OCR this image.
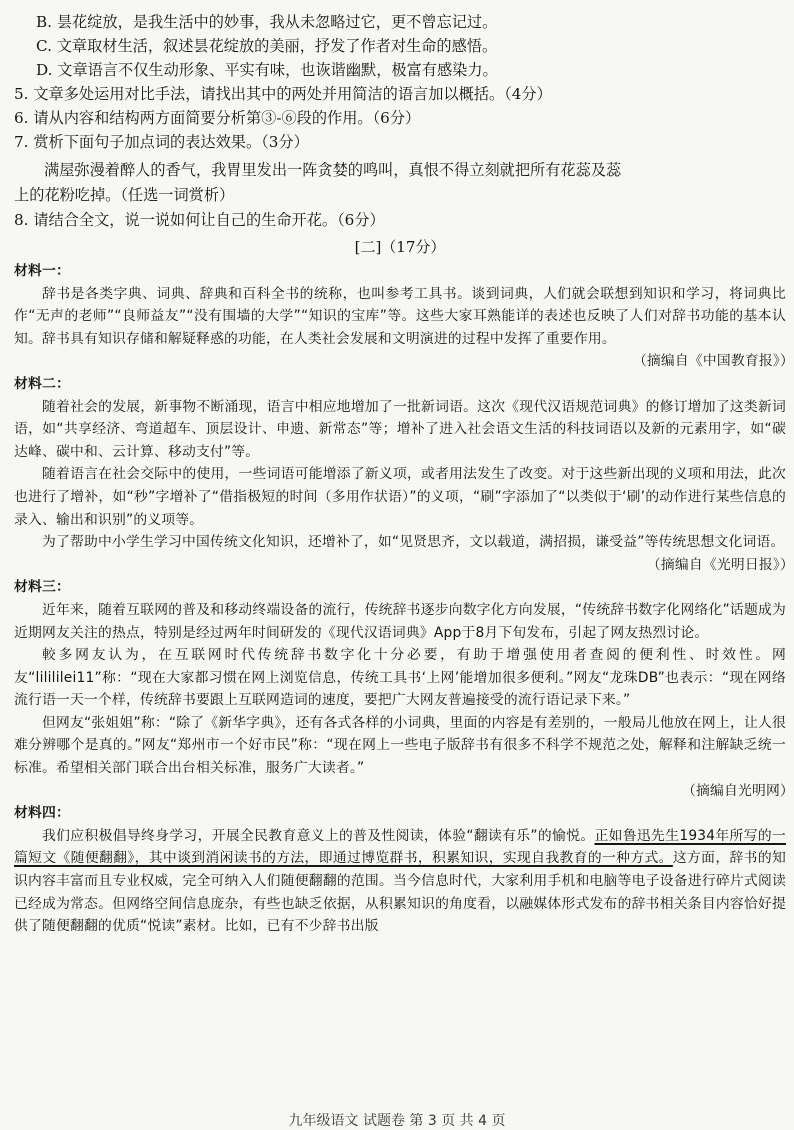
B. 昙花绽放，是我生活中的妙事，我从未忽略过它，更不曾忘记过。
C. 文章取材生活，叙述昙花绽放的美丽，抒发了作者对生命的感悟。
D. 文章语言不仅生动形象、平实有味，也诙谐幽默，极富有感染力。
5. 文章多处运用对比手法，请找出其中的两处并用简洁的语言加以概括。（4分）
6. 请从内容和结构两方面简要分析第③-⑥段的作用。（6分）
7. 赏析下面句子加点词的表达效果。（3分）
满屋弥漫着醉人的香气，我胃里发出一阵贪婪的鸣叫，真恨不得立刻就把所有花蕊及蕊
上的花粉吃掉。（任选一词赏析）
8. 请结合全文，说一说如何让自己的生命开花。（6分）
[二]（17分）
材料一：

辞书是各类字典、词典、辞典和百科全书的统称，也叫参考工具书。谈到词典，人们就会联想到知识和学习，将词典比作“无声的老师”“良师益友”“没有围墙的大学”“知识的宝库”等。这些大家耳熟能详的表述也反映了人们对辞书功能的基本认知。辞书具有知识存储和解疑释惑的功能，在人类社会发展和文明演进的过程中发挥了重要作用。

（摘编自《中国教育报》）
材料二：

随着社会的发展，新事物不断涌现，语言中相应地增加了一批新词语。这次《现代汉语规范词典》的修订增加了这类新词语，如“共享经济、弯道超车、顶层设计、申遗、新常态”等；增补了进入社会语文生活的科技词语以及新的元素用字，如“碳达峰、碳中和、云计算、移动支付”等。

随着语言在社会交际中的使用，一些词语可能增添了新义项，或者用法发生了改变。对于这些新出现的义项和用法，此次也进行了增补，如“秒”字增补了“借指极短的时间（多用作状语）”的义项，“刷”字添加了“以类似于‘刷’的动作进行某些信息的录入、输出和识别”的义项等。

为了帮助中小学生学习中国传统文化知识，还增补了，如“见贤思齐，文以载道，满招损，谦受益”等传统思想文化词语。

（摘编自《光明日报》）
材料三：

近年来，随着互联网的普及和移动终端设备的流行，传统辞书逐步向数字化方向发展，“传统辞书数字化网络化”话题成为近期网友关注的热点，特别是经过两年时间研发的《现代汉语词典》App于8月下旬发布，引起了网友热烈讨论。

較多网友认为，在互联网时代传统辞书数字化十分必要，有助于增强使用者查阅的便利性、时效性。网友“lilililei11”称：“现在大家都习惯在网上浏览信息，传统工具书‘上网’能增加很多便利。”网友“龙珠DB”也表示：“现在网络流行语一天一个样，传统辞书要跟上互联网造词的速度，要把广大网友普遍接受的流行语记录下来。”

但网友“张姐姐”称：“除了《新华字典》，还有各式各样的小词典，里面的内容是有差别的，一般局儿他放在网上，让人很难分辨哪个是真的。”网友“郑州市一个好市民”称：“现在网上一些电子版辞书有很多不科学不规范之处，解释和注解缺乏统一标准。希望相关部门联合出台相关标准，服务广大读者。”

（摘编自光明网）
材料四：

我们应积极倡导终身学习，开展全民教育意义上的普及性阅读，体验“翻读有乐”的愉悦。正如鲁迅先生1934年所写的一篇短文《随便翻翻》，其中谈到消闲读书的方法，即通过博览群书，积累知识，实现自我教育的一种方式。这方面，辞书的知识内容丰富而且专业权威，完全可纳入人们随便翻翻的范围。当今信息时代，大家利用手机和电脑等电子设备进行碎片式阅读已经成为常态。但网络空间信息庞杂，有些也缺乏依据，从积累知识的角度看，以融媒体形式发布的辞书相关条目内容恰好提供了随便翻翻的优质“悦读”素材。比如，已有不少辞书出版

九年级语文 试题卷 第 3 页 共 4 页
